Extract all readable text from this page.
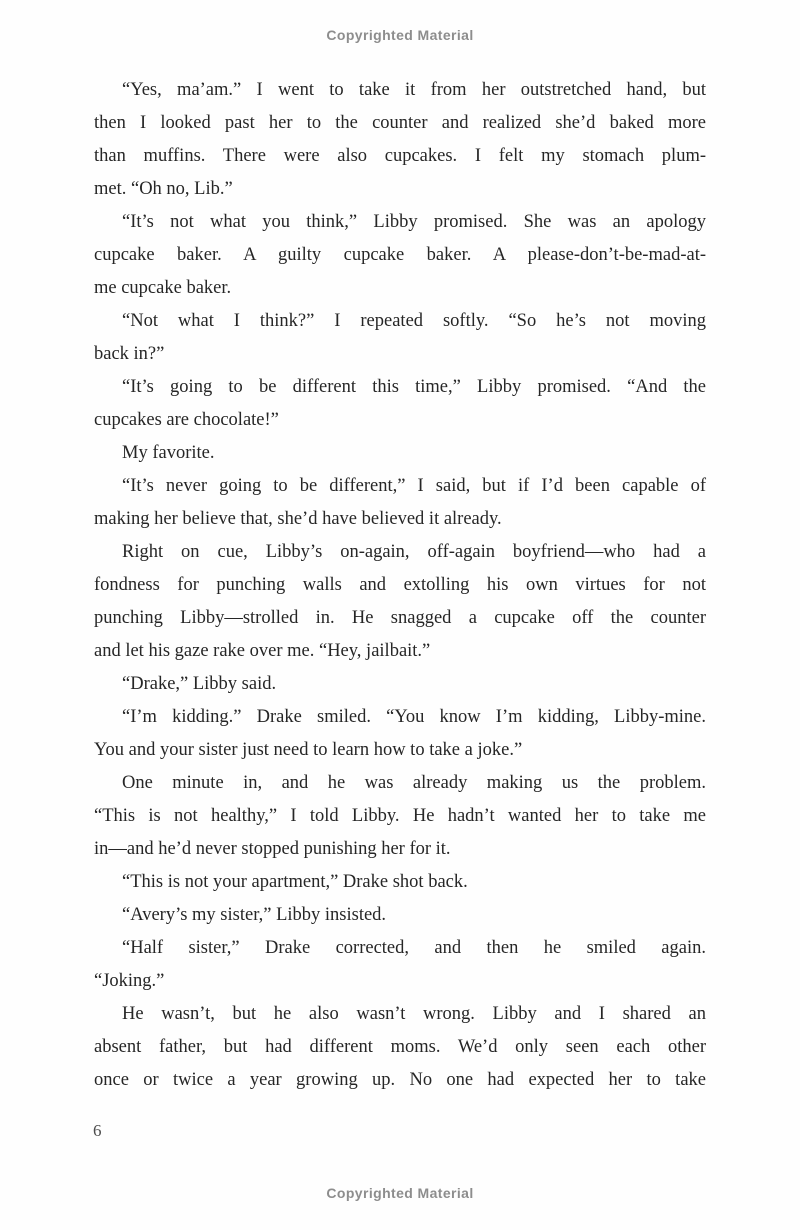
Copyrighted Material
“Yes, ma’am.” I went to take it from her outstretched hand, but
then I looked past her to the counter and realized she’d baked more
than muffins. There were also cupcakes. I felt my stomach plum-
met. “Oh no, Lib.”
“It’s not what you think,” Libby promised. She was an apology
cupcake baker. A guilty cupcake baker. A please-don’t-be-mad-at-
me cupcake baker.
“Not what I think?” I repeated softly. “So he’s not moving
back in?”
“It’s going to be different this time,” Libby promised. “And the
cupcakes are chocolate!”
My favorite.
“It’s never going to be different,” I said, but if I’d been capable of
making her believe that, she’d have believed it already.
Right on cue, Libby’s on-again, off-again boyfriend—who had a
fondness for punching walls and extolling his own virtues for not
punching Libby—strolled in. He snagged a cupcake off the counter
and let his gaze rake over me. “Hey, jailbait.”
“Drake,” Libby said.
“I’m kidding.” Drake smiled. “You know I’m kidding, Libby-mine.
You and your sister just need to learn how to take a joke.”
One minute in, and he was already making us the problem.
“This is not healthy,” I told Libby. He hadn’t wanted her to take me
in—and he’d never stopped punishing her for it.
“This is not your apartment,” Drake shot back.
“Avery’s my sister,” Libby insisted.
“Half sister,” Drake corrected, and then he smiled again.
“Joking.”
He wasn’t, but he also wasn’t wrong. Libby and I shared an
absent father, but had different moms. We’d only seen each other
once or twice a year growing up. No one had expected her to take
6
Copyrighted Material
